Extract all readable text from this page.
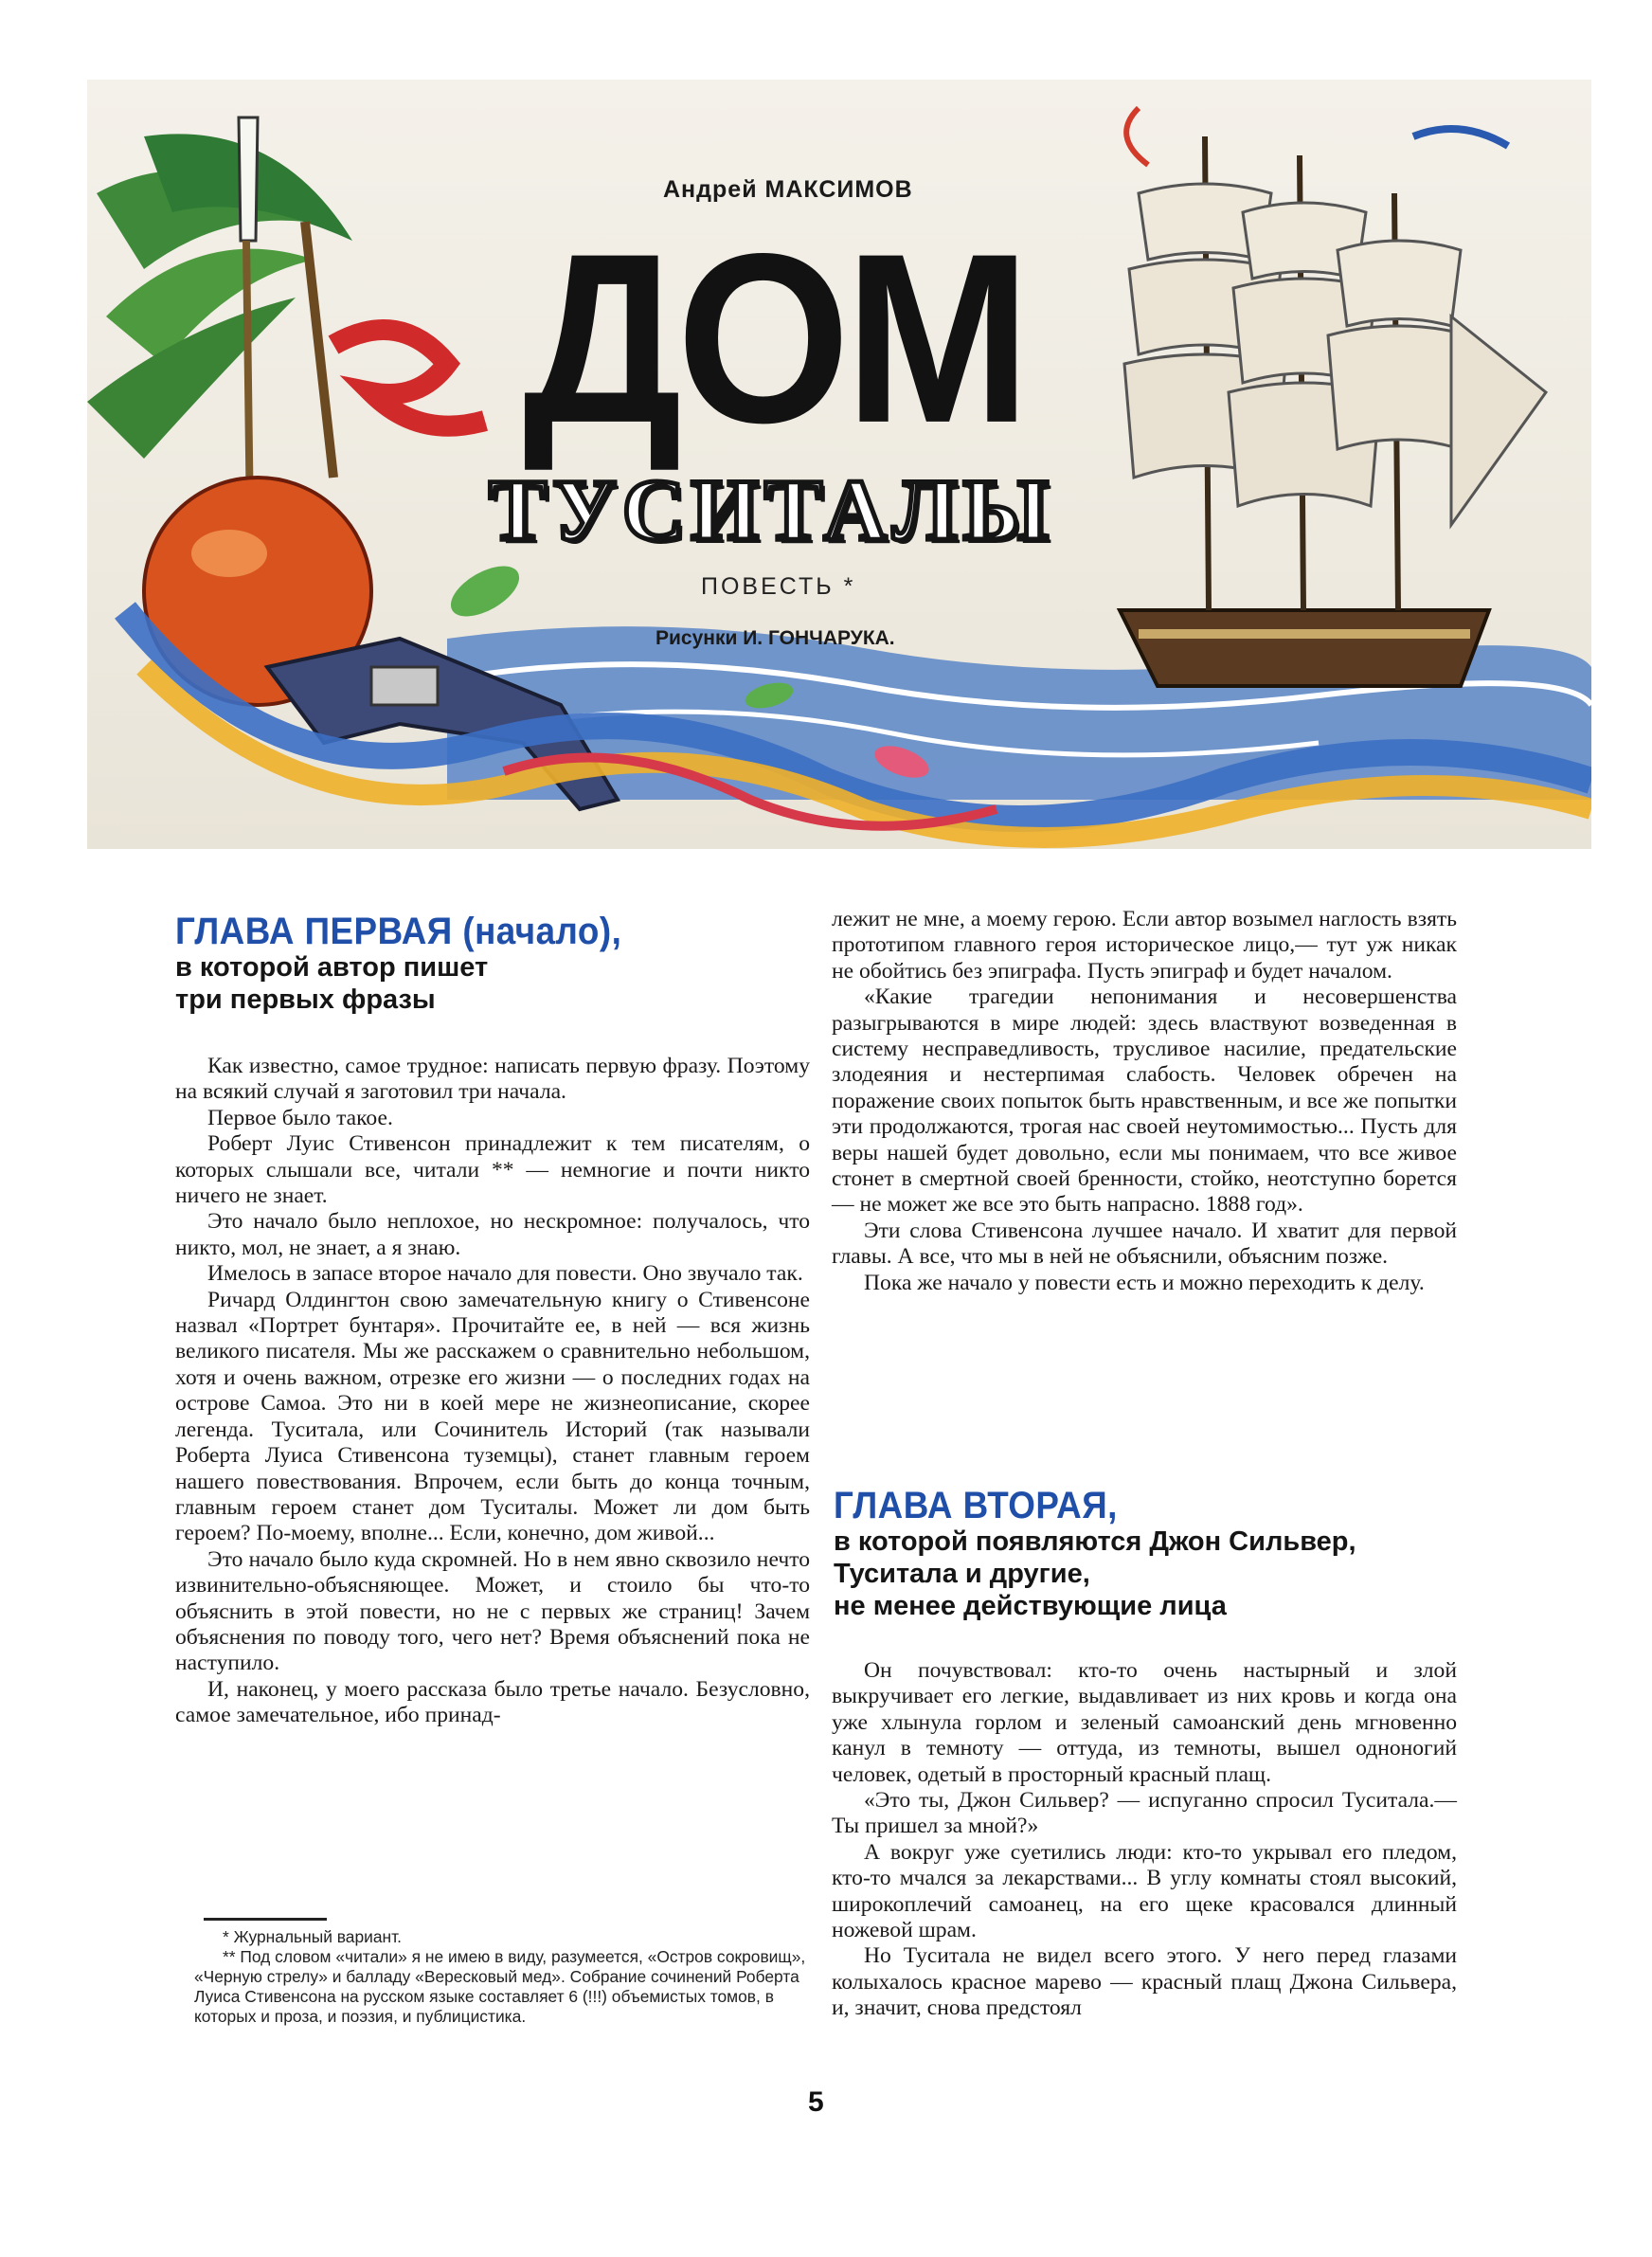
Андрей МАКСИМОВ
ДОМ
ТУСИТАЛЫ
ПОВЕСТЬ *
Рисунки И. ГОНЧАРУКА.
ГЛАВА ПЕРВАЯ (начало),
в которой автор пишет
три первых фразы

Как известно, самое трудное: написать первую фразу. Поэтому на всякий случай я заготовил три начала.

Первое было такое.

Роберт Луис Стивенсон принадлежит к тем писателям, о которых слышали все, читали ** — немногие и почти никто ничего не знает.

Это начало было неплохое, но нескромное: получалось, что никто, мол, не знает, а я знаю.

Имелось в запасе второе начало для повести. Оно звучало так.

Ричард Олдингтон свою замечательную книгу о Стивенсоне назвал «Портрет бунтаря». Прочитайте ее, в ней — вся жизнь великого писателя. Мы же расскажем о сравнительно небольшом, хотя и очень важном, отрезке его жизни — о последних годах на острове Самоа. Это ни в коей мере не жизнеописание, скорее легенда. Туситала, или Сочинитель Историй (так называли Роберта Луиса Стивенсона туземцы), станет главным героем нашего повествования. Впрочем, если быть до конца точным, главным героем станет дом Туситалы. Может ли дом быть героем? По-моему, вполне... Если, конечно, дом живой...

Это начало было куда скромней. Но в нем явно сквозило нечто извинительно-объясняющее. Может, и стоило бы что-то объяснить в этой повести, но не с первых же страниц! Зачем объяснения по поводу того, чего нет? Время объяснений пока не наступило.

И, наконец, у моего рассказа было третье начало. Безусловно, самое замечательное, ибо принад-

* Журнальный вариант.

** Под словом «читали» я не имею в виду, разумеется, «Остров сокровищ», «Черную стрелу» и балладу «Вересковый мед». Собрание сочинений Роберта Луиса Стивенсона на русском языке составляет 6 (!!!) объемистых томов, в которых и проза, и поэзия, и публицистика.

лежит не мне, а моему герою. Если автор возымел наглость взять прототипом главного героя историческое лицо,— тут уж никак не обойтись без эпиграфа. Пусть эпиграф и будет началом.

«Какие трагедии непонимания и несовершенства разыгрываются в мире людей: здесь властвуют возведенная в систему несправедливость, трусливое насилие, предательские злодеяния и нестерпимая слабость. Человек обречен на поражение своих попыток быть нравственным, и все же попытки эти продолжаются, трогая нас своей неутомимостью... Пусть для веры нашей будет довольно, если мы понимаем, что все живое стонет в смертной своей бренности, стойко, неотступно борется — не может же все это быть напрасно. 1888 год».

Эти слова Стивенсона лучшее начало. И хватит для первой главы. А все, что мы в ней не объяснили, объясним позже.

Пока же начало у повести есть и можно переходить к делу.

ГЛАВА ВТОРАЯ,
в которой появляются Джон Сильвер,
Туситала и другие,
не менее действующие лица

Он почувствовал: кто-то очень настырный и злой выкручивает его легкие, выдавливает из них кровь и когда она уже хлынула горлом и зеленый самоанский день мгновенно канул в темноту — оттуда, из темноты, вышел одноногий человек, одетый в просторный красный плащ.

«Это ты, Джон Сильвер? — испуганно спросил Туситала.— Ты пришел за мной?»

А вокруг уже суетились люди: кто-то укрывал его пледом, кто-то мчался за лекарствами... В углу комнаты стоял высокий, широкоплечий самоанец, на его щеке красовался длинный ножевой шрам.

Но Туситала не видел всего этого. У него перед глазами колыхалось красное марево — красный плащ Джона Сильвера, и, значит, снова предстоял

5
